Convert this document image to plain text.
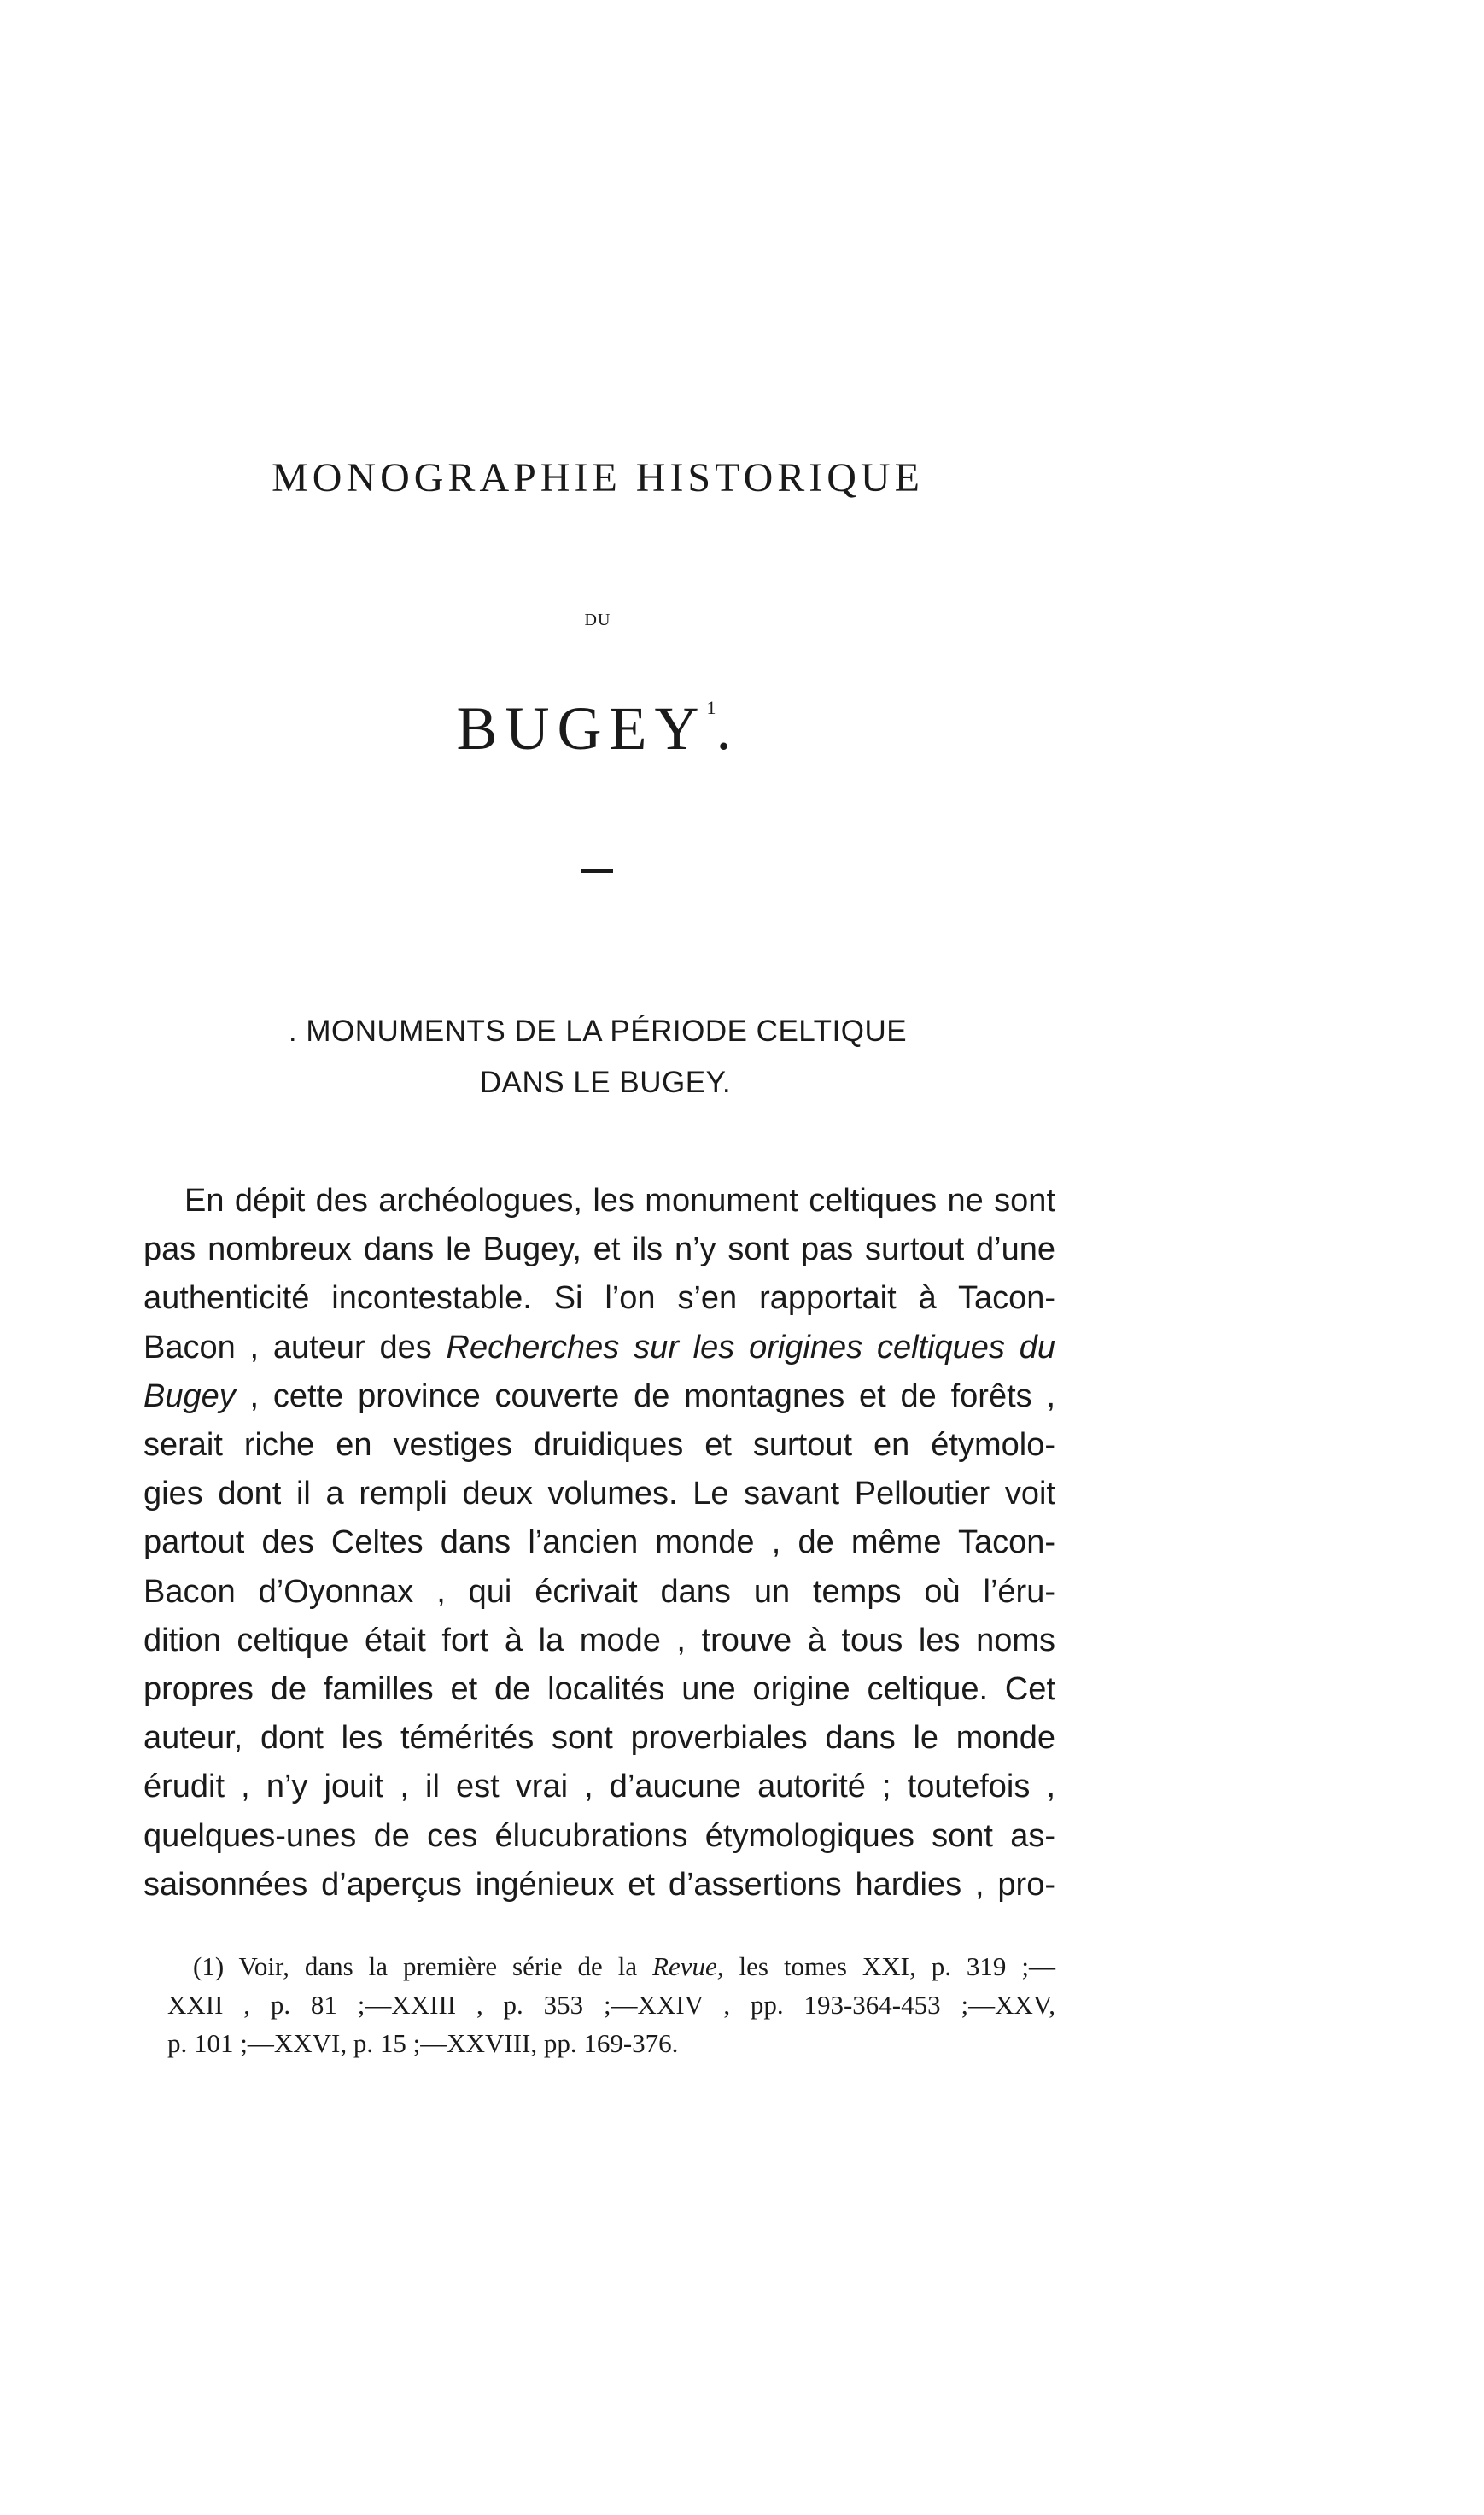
MONOGRAPHIE HISTORIQUE
DU
BUGEY$^1$.
. MONUMENTS DE LA PÉRIODE CELTIQUE
DANS LE BUGEY.
En dépit des archéologues, les monument celtiques ne sont
pas nombreux dans le Bugey, et ils n’y sont pas surtout d’une
authenticité incontestable. Si l’on s’en rapportait à Tacon-
Bacon , auteur des Recherches sur les origines celtiques du
Bugey , cette province couverte de montagnes et de forêts ,
serait riche en vestiges druidiques et surtout en étymolo-
gies dont il a rempli deux volumes. Le savant Pelloutier voit
partout des Celtes dans l’ancien monde , de même Tacon-
Bacon d’Oyonnax , qui écrivait dans un temps où l’éru-
dition celtique était fort à la mode , trouve à tous les noms
propres de familles et de localités une origine celtique. Cet
auteur, dont les témérités sont proverbiales dans le monde
érudit , n’y jouit , il est vrai , d’aucune autorité ; toutefois ,
quelques-unes de ces élucubrations étymologiques sont as-
saisonnées d’aperçus ingénieux et d’assertions hardies , pro-
(1) Voir, dans la première série de la Revue, les tomes XXI, p. 319 ;—
XXII , p. 81 ;—XXIII , p. 353 ;—XXIV , pp. 193-364-453 ;—XXV,
p. 101 ;—XXVI, p. 15 ;—XXVIII, pp. 169-376.
